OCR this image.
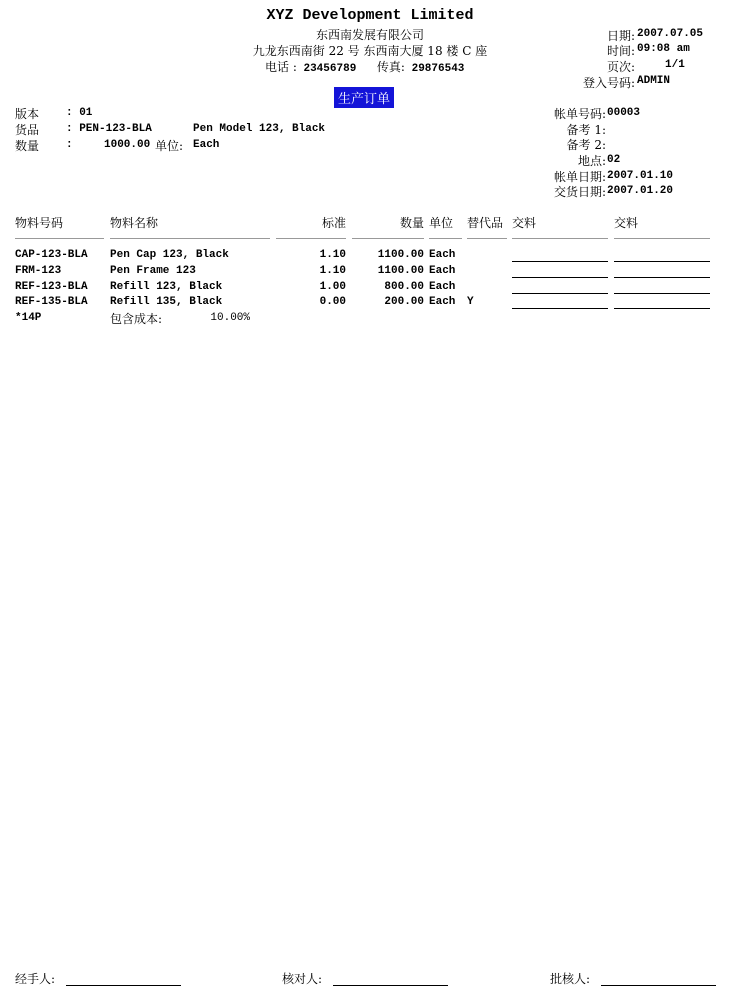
XYZ Development Limited
东西南发展有限公司
九龙东西南街 22 号 东西南大厦 18 楼 C 座
电话 : 23456789 传真: 29876543
日期: 2007.07.05
时间: 09:08 am
页次:	1/1
登入号码: ADMIN
生产订单
版本 : 01
货品 : PEN-123-BLA	Pen Model 123, Black
数量 :	1000.00 单位: Each
帐单号码: 00003
备考 1:
备考 2:
地点: 02
帐单日期: 2007.01.10
交货日期: 2007.01.20
物料号码	物料名称	标准	数量 单位 替代品 交料	交料
CAP-123-BLA Pen Cap 123, Black	1.10	1100.00 Each
FRM-123	Pen Frame 123	1.10	1100.00 Each
REF-123-BLA Refill 123, Black	1.00	800.00 Each
REF-135-BLA Refill 135, Black	0.00	200.00 Each Y
*14P	包含成本:	10.00%
经手人:	核对人:	批核人:
